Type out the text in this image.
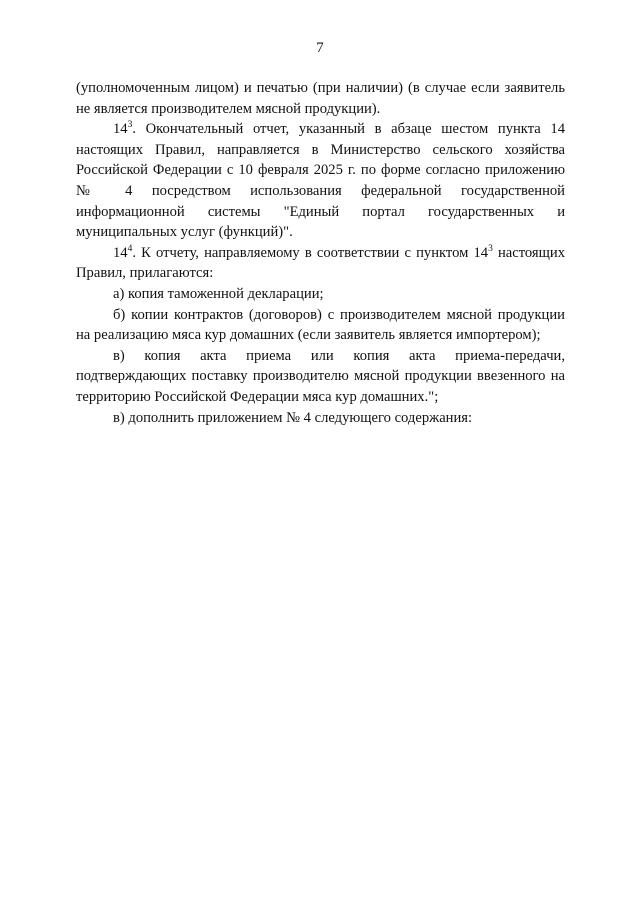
7

(уполномоченным лицом) и печатью (при наличии) (в случае если заявитель не является производителем мясной продукции).

$14^3$. Окончательный отчет, указанный в абзаце шестом пункта 14 настоящих Правил, направляется в Министерство сельского хозяйства Российской Федерации с 10 февраля 2025 г. по форме согласно приложению № 4 посредством использования федеральной государственной информационной системы "Единый портал государственных и муниципальных услуг (функций)".

$14^4$. К отчету, направляемому в соответствии с пунктом $14^3$ настоящих Правил, прилагаются:

а) копия таможенной декларации;

б) копии контрактов (договоров) с производителем мясной продукции на реализацию мяса кур домашних (если заявитель является импортером);

в) копия акта приема или копия акта приема-передачи, подтверждающих поставку производителю мясной продукции ввезенного на территорию Российской Федерации мяса кур домашних.";

в) дополнить приложением № 4 следующего содержания:
